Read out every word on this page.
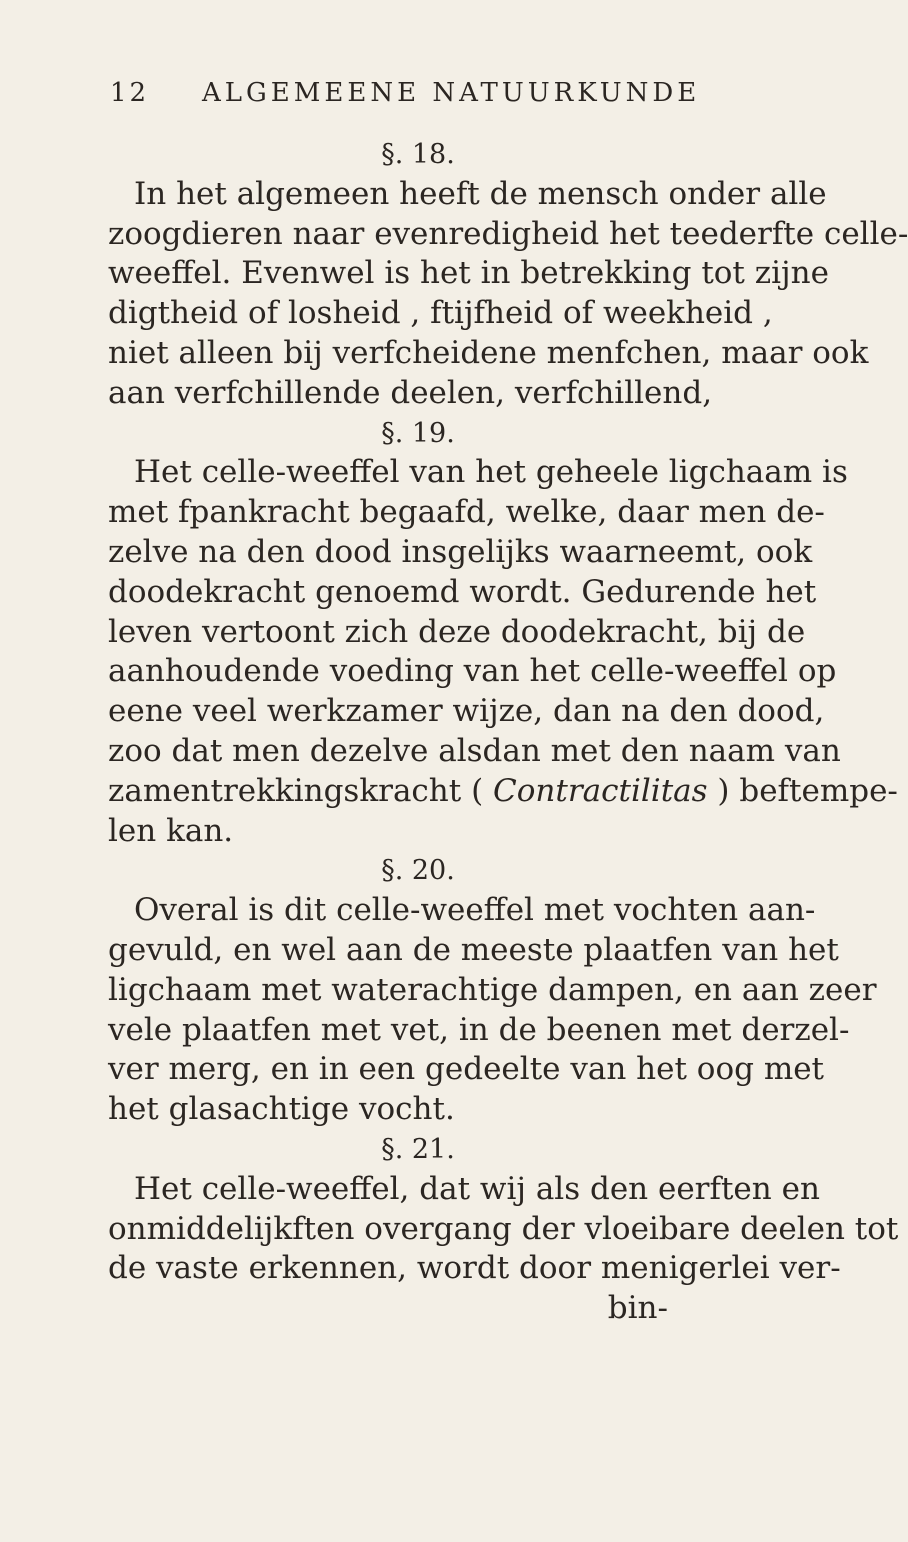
12 ALGEMEENE NATUURKUNDE
§. 18.
In het algemeen heeft de mensch onder alle
zoogdieren naar evenredigheid het teederfte celle-
weeffel. Evenwel is het in betrekking tot zijne
digtheid of losheid , ftijfheid of weekheid ,
niet alleen bij verfcheidene menfchen, maar ook
aan verfchillende deelen, verfchillend,
§. 19.
Het celle-weeffel van het geheele ligchaam is
met fpankracht begaafd, welke, daar men de-
zelve na den dood insgelijks waarneemt, ook
doodekracht genoemd wordt. Gedurende het
leven vertoont zich deze doodekracht, bij de
aanhoudende voeding van het celle-weeffel op
eene veel werkzamer wijze, dan na den dood,
zoo dat men dezelve alsdan met den naam van
zamentrekkingskracht ( Contractilitas ) beftempe-
len kan.
§. 20.
Overal is dit celle-weeffel met vochten aan-
gevuld, en wel aan de meeste plaatfen van het
ligchaam met waterachtige dampen, en aan zeer
vele plaatfen met vet, in de beenen met derzel-
ver merg, en in een gedeelte van het oog met
het glasachtige vocht.
§. 21.
Het celle-weeffel, dat wij als den eerften en
onmiddelijkften overgang der vloeibare deelen tot
de vaste erkennen, wordt door menigerlei ver-
bin-
